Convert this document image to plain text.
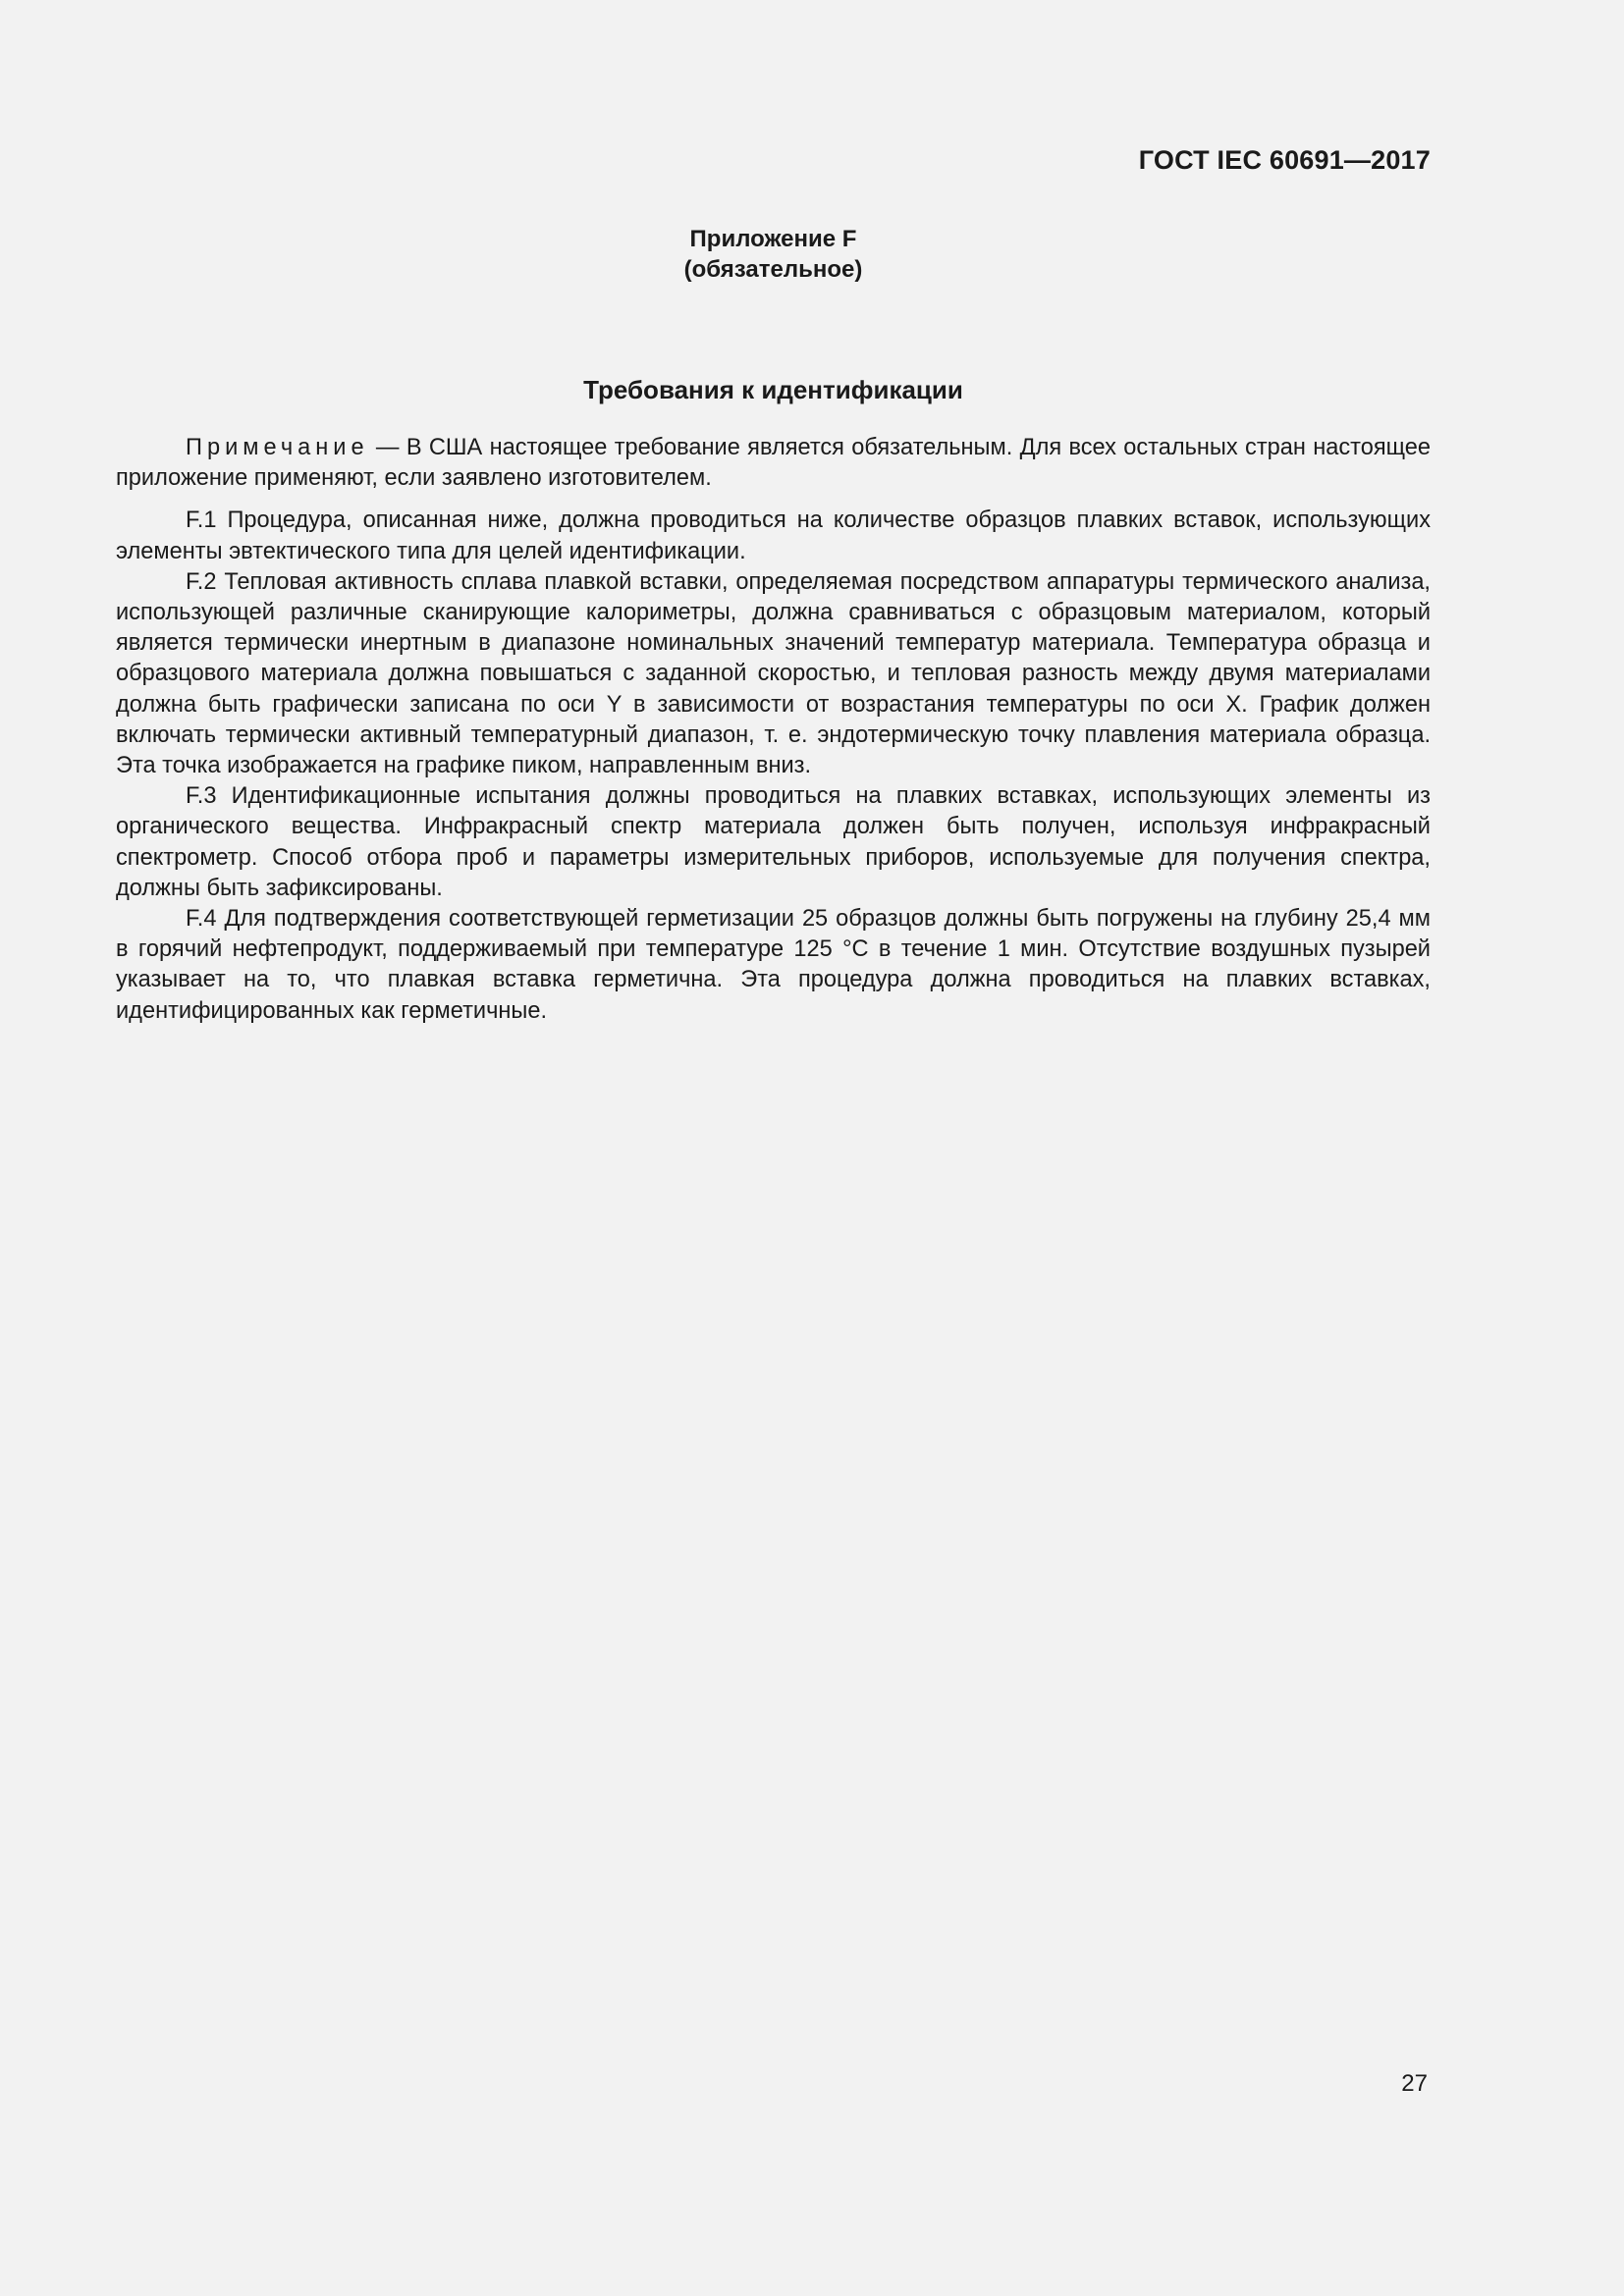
ГОСТ IEC 60691—2017
Приложение F
(обязательное)
Требования к идентификации

Примечание — В США настоящее требование является обязательным. Для всех остальных стран настоящее приложение применяют, если заявлено изготовителем.

F.1 Процедура, описанная ниже, должна проводиться на количестве образцов плавких вставок, использующих элементы эвтектического типа для целей идентификации.

F.2 Тепловая активность сплава плавкой вставки, определяемая посредством аппаратуры термического анализа, использующей различные сканирующие калориметры, должна сравниваться с образцовым материалом, который является термически инертным в диапазоне номинальных значений температур материала. Температура образца и образцового материала должна повышаться с заданной скоростью, и тепловая разность между двумя материалами должна быть графически записана по оси Y в зависимости от возрастания температуры по оси X. График должен включать термически активный температурный диапазон, т. е. эндотермическую точку плавления материала образца. Эта точка изображается на графике пиком, направленным вниз.

F.3 Идентификационные испытания должны проводиться на плавких вставках, использующих элементы из органического вещества. Инфракрасный спектр материала должен быть получен, используя инфракрасный спектрометр. Способ отбора проб и параметры измерительных приборов, используемые для получения спектра, должны быть зафиксированы.

F.4 Для подтверждения соответствующей герметизации 25 образцов должны быть погружены на глубину 25,4 мм в горячий нефтепродукт, поддерживаемый при температуре 125 °С в течение 1 мин. Отсутствие воздушных пузырей указывает на то, что плавкая вставка герметична. Эта процедура должна проводиться на плавких вставках, идентифицированных как герметичные.

27
